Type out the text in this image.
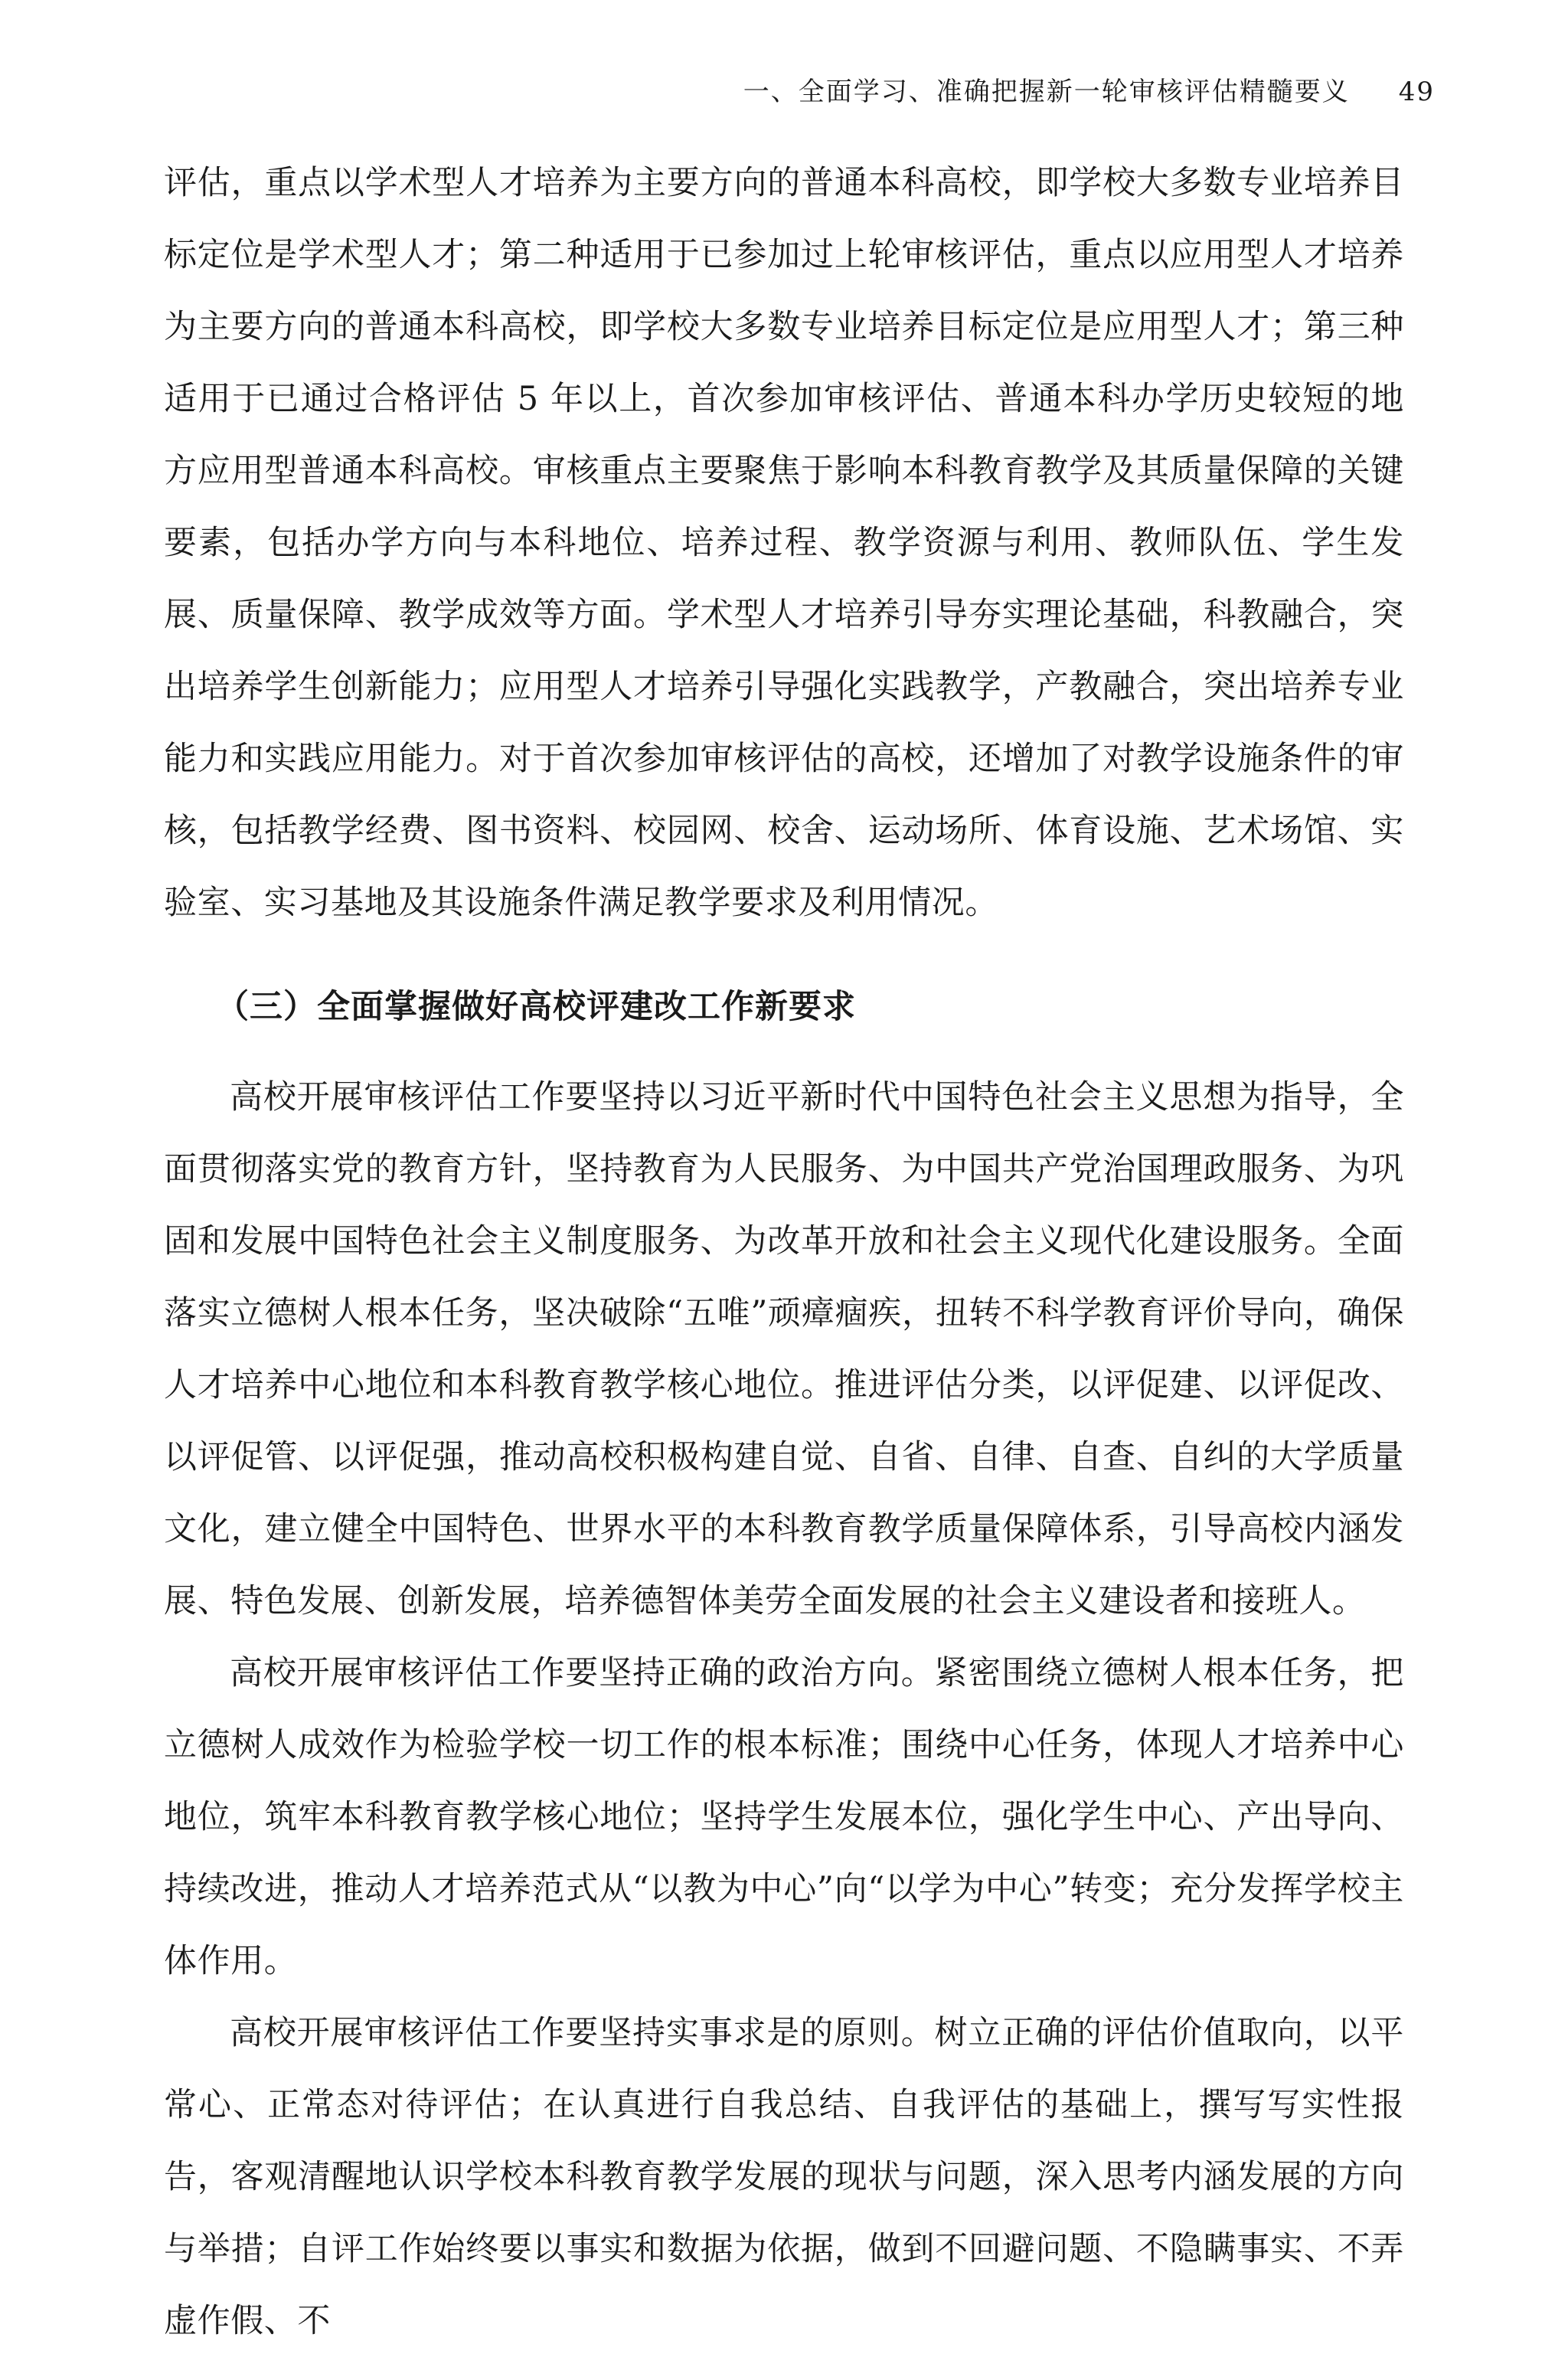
一、全面学习、准确把握新一轮审核评估精髓要义 49

评估，重点以学术型人才培养为主要方向的普通本科高校，即学校大多数专业培养目标定位是学术型人才；第二种适用于已参加过上轮审核评估，重点以应用型人才培养为主要方向的普通本科高校，即学校大多数专业培养目标定位是应用型人才；第三种适用于已通过合格评估 5 年以上，首次参加审核评估、普通本科办学历史较短的地方应用型普通本科高校。审核重点主要聚焦于影响本科教育教学及其质量保障的关键要素，包括办学方向与本科地位、培养过程、教学资源与利用、教师队伍、学生发展、质量保障、教学成效等方面。学术型人才培养引导夯实理论基础，科教融合，突出培养学生创新能力；应用型人才培养引导强化实践教学，产教融合，突出培养专业能力和实践应用能力。对于首次参加审核评估的高校，还增加了对教学设施条件的审核，包括教学经费、图书资料、校园网、校舍、运动场所、体育设施、艺术场馆、实验室、实习基地及其设施条件满足教学要求及利用情况。

（三）全面掌握做好高校评建改工作新要求

高校开展审核评估工作要坚持以习近平新时代中国特色社会主义思想为指导，全面贯彻落实党的教育方针，坚持教育为人民服务、为中国共产党治国理政服务、为巩固和发展中国特色社会主义制度服务、为改革开放和社会主义现代化建设服务。全面落实立德树人根本任务，坚决破除“五唯”顽瘴痼疾，扭转不科学教育评价导向，确保人才培养中心地位和本科教育教学核心地位。推进评估分类，以评促建、以评促改、以评促管、以评促强，推动高校积极构建自觉、自省、自律、自查、自纠的大学质量文化，建立健全中国特色、世界水平的本科教育教学质量保障体系，引导高校内涵发展、特色发展、创新发展，培养德智体美劳全面发展的社会主义建设者和接班人。

高校开展审核评估工作要坚持正确的政治方向。紧密围绕立德树人根本任务，把立德树人成效作为检验学校一切工作的根本标准；围绕中心任务，体现人才培养中心地位，筑牢本科教育教学核心地位；坚持学生发展本位，强化学生中心、产出导向、持续改进，推动人才培养范式从“以教为中心”向“以学为中心”转变；充分发挥学校主体作用。

高校开展审核评估工作要坚持实事求是的原则。树立正确的评估价值取向，以平常心、正常态对待评估；在认真进行自我总结、自我评估的基础上，撰写写实性报告，客观清醒地认识学校本科教育教学发展的现状与问题，深入思考内涵发展的方向与举措；自评工作始终要以事实和数据为依据，做到不回避问题、不隐瞒事实、不弄虚作假、不
